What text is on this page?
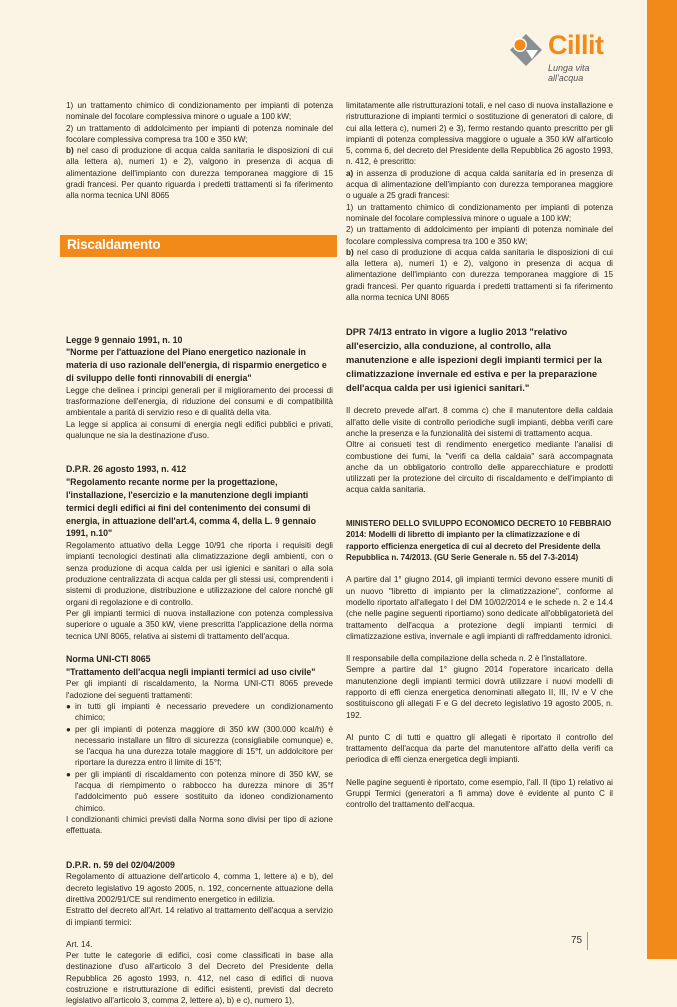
Cillit
Lunga vita all'acqua
Riscaldamento

1) un trattamento chimico di condizionamento per impianti di potenza nominale del focolare complessiva minore o uguale a 100 kW;

2) un trattamento di addolcimento per impianti di potenza nominale del focolare complessiva compresa tra 100 e 350 kW;

b) nel caso di produzione di acqua calda sanitaria le disposizioni di cui alla lettera a), numeri 1) e 2), valgono in presenza di acqua di alimentazione dell'impianto con durezza temporanea maggiore di 15 gradi francesi. Per quanto riguarda i predetti trattamenti si fa riferimento alla norma tecnica UNI 8065

Legge 9 gennaio 1991, n. 10
"Norme per l'attuazione del Piano energetico nazionale in materia di uso razionale dell'energia, di risparmio energetico e di sviluppo delle fonti rinnovabili di energia"

Legge che delinea i principi generali per il miglioramento dei processi di trasformazione dell'energia, di riduzione dei consumi e di compatibilità ambientale a parità di servizio reso e di qualità della vita.

La legge si applica ai consumi di energia negli edifici pubblici e privati, qualunque ne sia la destinazione d'uso.

D.P.R. 26 agosto 1993, n. 412
"Regolamento recante norme per la progettazione, l'installazione, l'esercizio e la manutenzione degli impianti termici degli edifici ai fini del contenimento dei consumi di energia, in attuazione dell'art.4, comma 4, della L. 9 gennaio 1991, n.10"

Regolamento attuativo della Legge 10/91 che riporta i requisiti degli impianti tecnologici destinati alla climatizzazione degli ambienti, con o senza produzione di acqua calda per usi igienici e sanitari o alla sola produzione centralizzata di acqua calda per gli stessi usi, comprendenti i sistemi di produzione, distribuzione e utilizzazione del calore nonché gli organi di regolazione e di controllo.

Per gli impianti termici di nuova installazione con potenza complessiva superiore o uguale a 350 kW, viene prescritta l'applicazione della norma tecnica UNI 8065, relativa ai sistemi di trattamento dell'acqua.

Norma UNI-CTI 8065
"Trattamento dell'acqua negli impianti termici ad uso civile"

Per gli impianti di riscaldamento, la Norma UNI-CTI 8065 prevede l'adozione dei seguenti trattamenti:

● in tutti gli impianti è necessario prevedere un condizionamento chimico;
● per gli impianti di potenza maggiore di 350 kW (300.000 kcal/h) è necessario installare un filtro di sicurezza (consigliabile comunque) e, se l'acqua ha una durezza totale maggiore di 15°f, un addolcitore per riportare la durezza entro il limite di 15°f;
● per gli impianti di riscaldamento con potenza minore di 350 kW, se l'acqua di riempimento o rabbocco ha durezza minore di 35°f l'addolcimento può essere sostituito da idoneo condizionamento chimico.

I condizionanti chimici previsti dalla Norma sono divisi per tipo di azione effettuata.

D.P.R. n. 59 del 02/04/2009

Regolamento di attuazione dell'articolo 4, comma 1, lettere a) e b), del decreto legislativo 19 agosto 2005, n. 192, concernente attuazione della direttiva 2002/91/CE sul rendimento energetico in edilizia.

Estratto del decreto all'Art. 14 relativo al trattamento dell'acqua a servizio di impianti termici:

Art. 14.

Per tutte le categorie di edifici, così come classificati in base alla destinazione d'uso all'articolo 3 del Decreto del Presidente della Repubblica 26 agosto 1993, n. 412, nel caso di edifici di nuova costruzione e ristrutturazione di edifici esistenti, previsti dal decreto legislativo all'articolo 3, comma 2, lettere a), b) e c), numero 1),

limitatamente alle ristrutturazioni totali, e nel caso di nuova installazione e ristrutturazione di impianti termici o sostituzione di generatori di calore, di cui alla lettera c), numeri 2) e 3), fermo restando quanto prescritto per gli impianti di potenza complessiva maggiore o uguale a 350 kW all'articolo 5, comma 6, del decreto del Presidente della Repubblica 26 agosto 1993, n. 412, è prescritto:

a) in assenza di produzione di acqua calda sanitaria ed in presenza di acqua di alimentazione dell'impianto con durezza temporanea maggiore o uguale a 25 gradi francesi:

1) un trattamento chimico di condizionamento per impianti di potenza nominale del focolare complessiva minore o uguale a 100 kW;

2) un trattamento di addolcimento per impianti di potenza nominale del focolare complessiva compresa tra 100 e 350 kW;

b) nel caso di produzione di acqua calda sanitaria le disposizioni di cui alla lettera a), numeri 1) e 2), valgono in presenza di acqua di alimentazione dell'impianto con durezza temporanea maggiore di 15 gradi francesi. Per quanto riguarda i predetti trattamenti si fa riferimento alla norma tecnica UNI 8065

DPR 74/13 entrato in vigore a luglio 2013 "relativo all'esercizio, alla conduzione, al controllo, alla manutenzione e alle ispezioni degli impianti termici per la climatizzazione invernale ed estiva e per la preparazione dell'acqua calda per usi igienici sanitari."

Il decreto prevede all'art. 8 comma c) che il manutentore della caldaia all'atto delle visite di controllo periodiche sugli impianti, debba verifi care anche la presenza e la funzionalità dei sistemi di trattamento acqua.

Oltre ai consueti test di rendimento energetico mediante l'analisi di combustione dei fumi, la "verifi ca della caldaia" sarà accompagnata anche da un obbligatorio controllo delle apparecchiature e prodotti utilizzati per la protezione del circuito di riscaldamento e dell'impianto di acqua calda sanitaria.

MINISTERO DELLO SVILUPPO ECONOMICO DECRETO 10 FEBBRAIO 2014: Modelli di libretto di impianto per la climatizzazione e di rapporto efficienza energetica di cui al decreto del Presidente della Repubblica n. 74/2013. (GU Serie Generale n. 55 del 7-3-2014)

A partire dal 1° giugno 2014, gli impianti termici devono essere muniti di un nuovo "libretto di impianto per la climatizzazione", conforme al modello riportato all'allegato I del DM 10/02/2014 e le schede n. 2 e 14.4 (che nelle pagine seguenti riportiamo) sono dedicate all'obbligatorietà del trattamento dell'acqua a protezione degli impianti termici di climatizzazione estiva, invernale e agli impianti di raffreddamento idronici.

Il responsabile della compilazione della scheda n. 2 è l'installatore.

Sempre a partire dal 1° giugno 2014 l'operatore incaricato della manutenzione degli impianti termici dovrà utilizzare i nuovi modelli di rapporto di effi cienza energetica denominati allegato II, III, IV e V che sostituiscono gli allegati F e G del decreto legislativo 19 agosto 2005, n. 192.

Al punto C di tutti e quattro gli allegati è riportato il controllo del trattamento dell'acqua da parte del manutentore all'atto della verifi ca periodica di effi cienza energetica degli impianti.

Nelle pagine seguenti è riportato, come esempio, l'all. II (tipo 1) relativo ai Gruppi Termici (generatori a fi amma) dove è evidente al punto C il controllo del trattamento dell'acqua.

75
